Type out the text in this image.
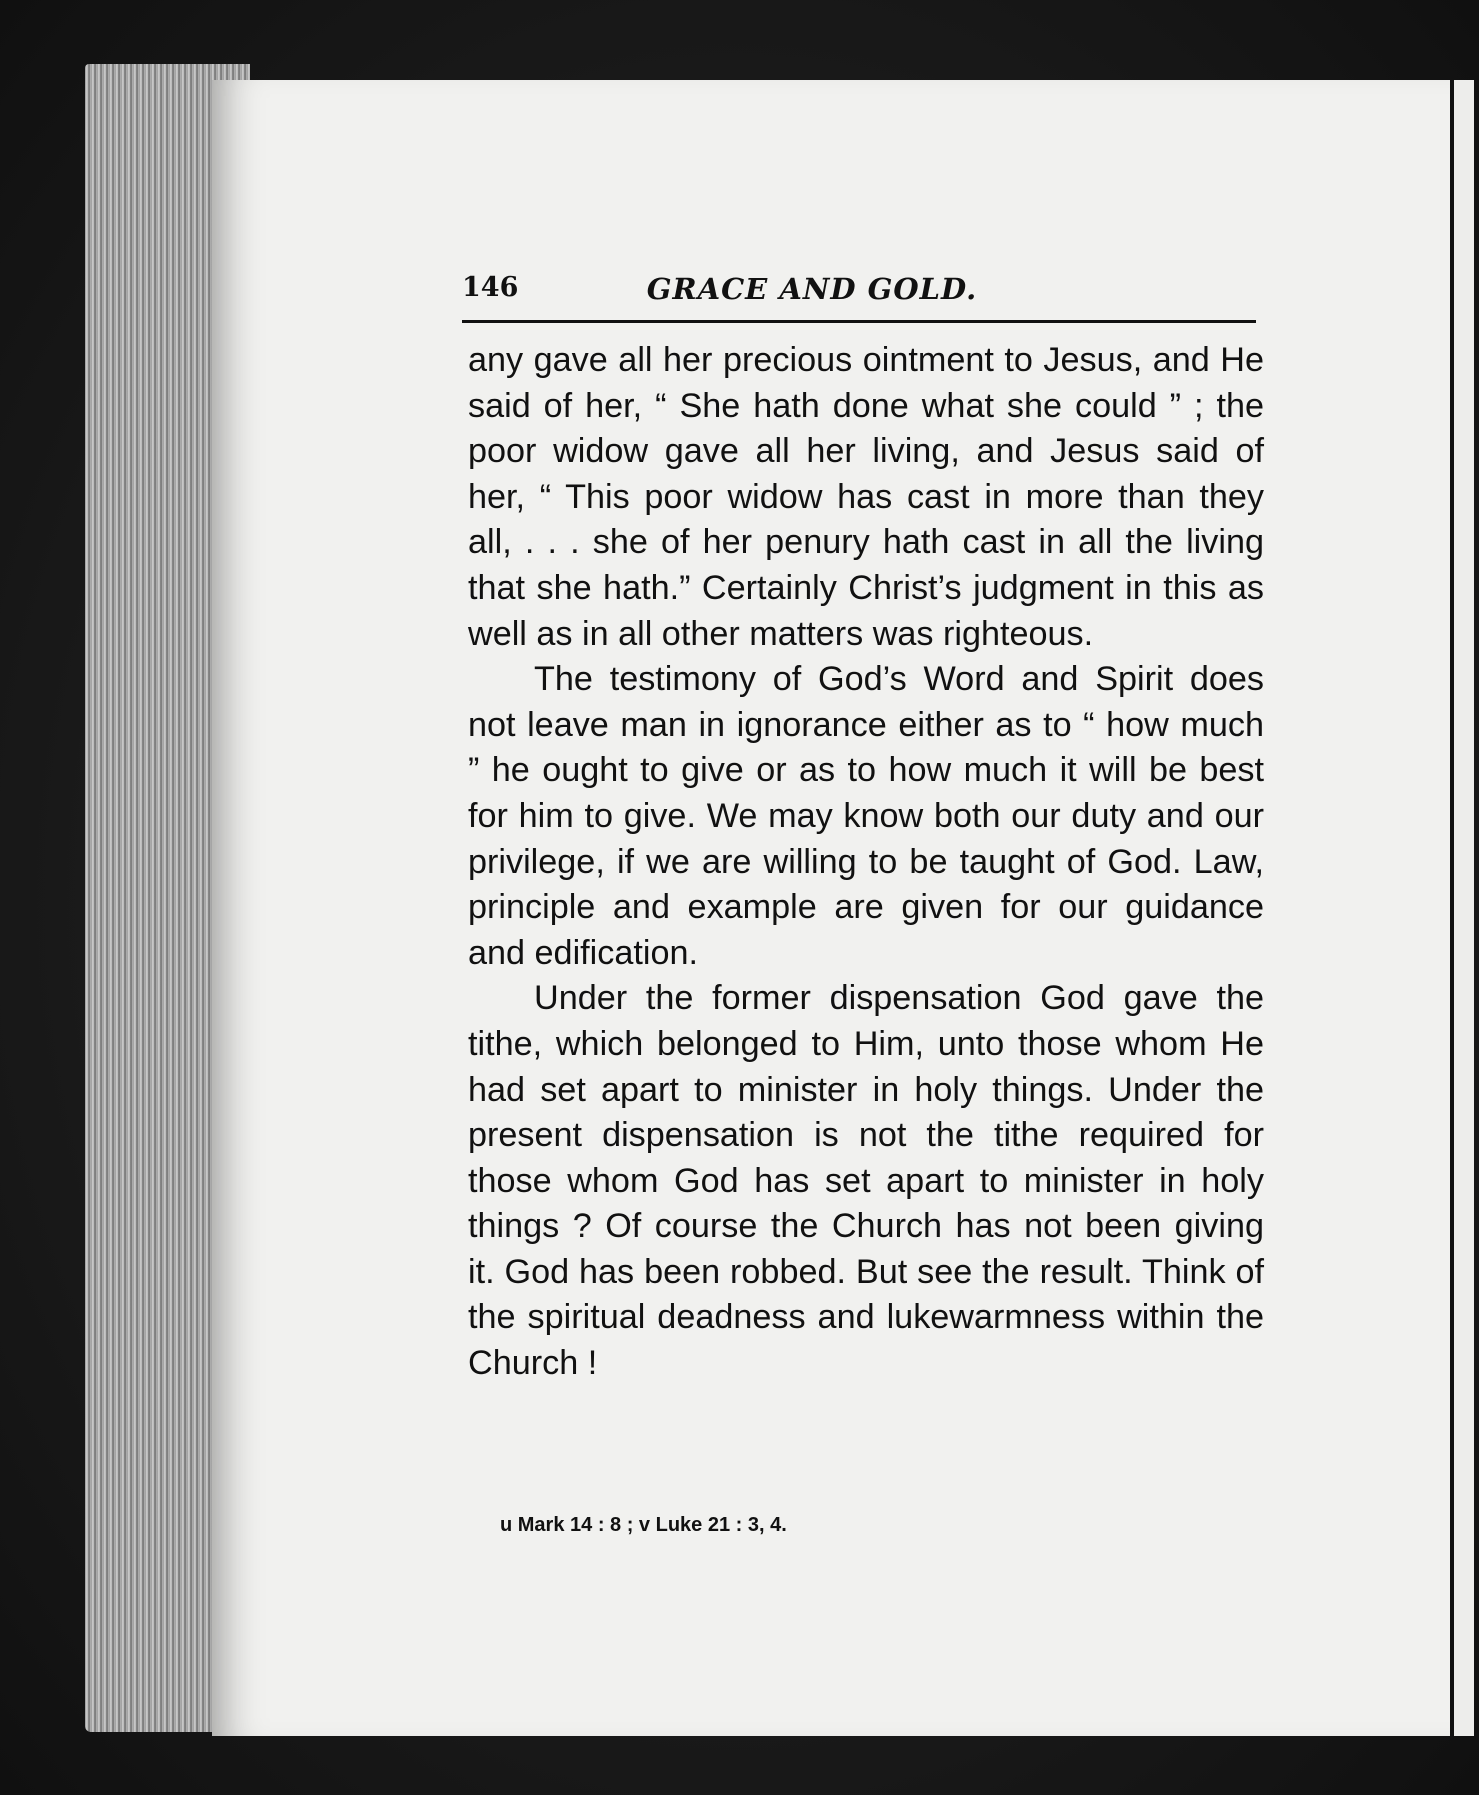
146	GRACE AND GOLD.

any gave all her precious ointment to Jesus, and He said of her, “ She hath done what she could ” ; the poor widow gave all her living, and Jesus said of her, “ This poor widow has cast in more than they all, . . . she of her penury hath cast in all the living that she hath.” Certainly Christ’s judgment in this as well as in all other matters was righteous.

The testimony of God’s Word and Spirit does not leave man in ignorance either as to “ how much ” he ought to give or as to how much it will be best for him to give. We may know both our duty and our privilege, if we are willing to be taught of God. Law, principle and example are given for our guidance and edification.

Under the former dispensation God gave the tithe, which belonged to Him, unto those whom He had set apart to minister in holy things. Under the present dispensation is not the tithe required for those whom God has set apart to minister in holy things ? Of course the Church has not been giving it. God has been robbed. But see the result. Think of the spiritual deadness and lukewarmness within the Church !

u Mark 14 : 8 ; v Luke 21 : 3, 4.
